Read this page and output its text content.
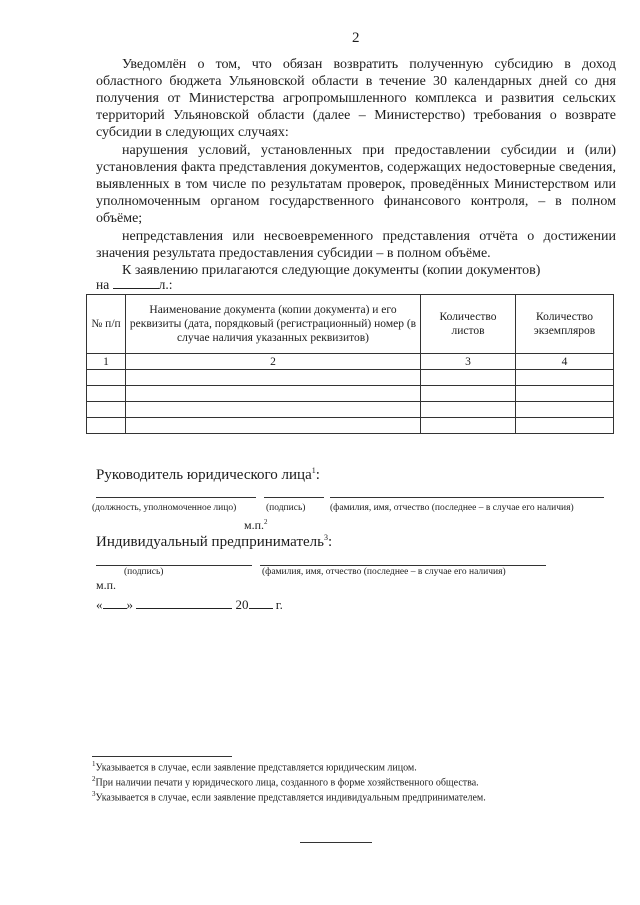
2
Уведомлён о том, что обязан возвратить полученную субсидию в доход областного бюджета Ульяновской области в течение 30 календарных дней со дня получения от Министерства агропромышленного комплекса и развития сельских территорий Ульяновской области (далее – Министерство) требования о возврате субсидии в следующих случаях:
нарушения условий, установленных при предоставлении субсидии и (или) установления факта представления документов, содержащих недостоверные сведения, выявленных в том числе по результатам проверок, проведённых Министерством или уполномоченным органом государственного финансового контроля, – в полном объёме;
непредставления или несвоевременного представления отчёта о достижении значения результата предоставления субсидии – в полном объёме.
К заявлению прилагаются следующие документы (копии документов)
на	л.:
№ п/п	Наименование документа (копии документа) и его реквизиты (дата, порядковый (регистрационный) номер (в случае наличия указанных реквизитов)	Количество листов	Количество экземпляров
1	2	3	4

Руководитель юридического лица$^1$:
(должность, уполномоченное лицо)	(подпись)	(фамилия, имя, отчество (последнее – в случае его наличия)
м.п.$^2$
Индивидуальный предприниматель$^3$:
(подпись)	(фамилия, имя, отчество (последнее – в случае его наличия)
м.п.
« »	20 г.
$^1$Указывается в случае, если заявление представляется юридическим лицом.
$^2$При наличии печати у юридического лица, созданного в форме хозяйственного общества.
$^3$Указывается в случае, если заявление представляется индивидуальным предпринимателем.
